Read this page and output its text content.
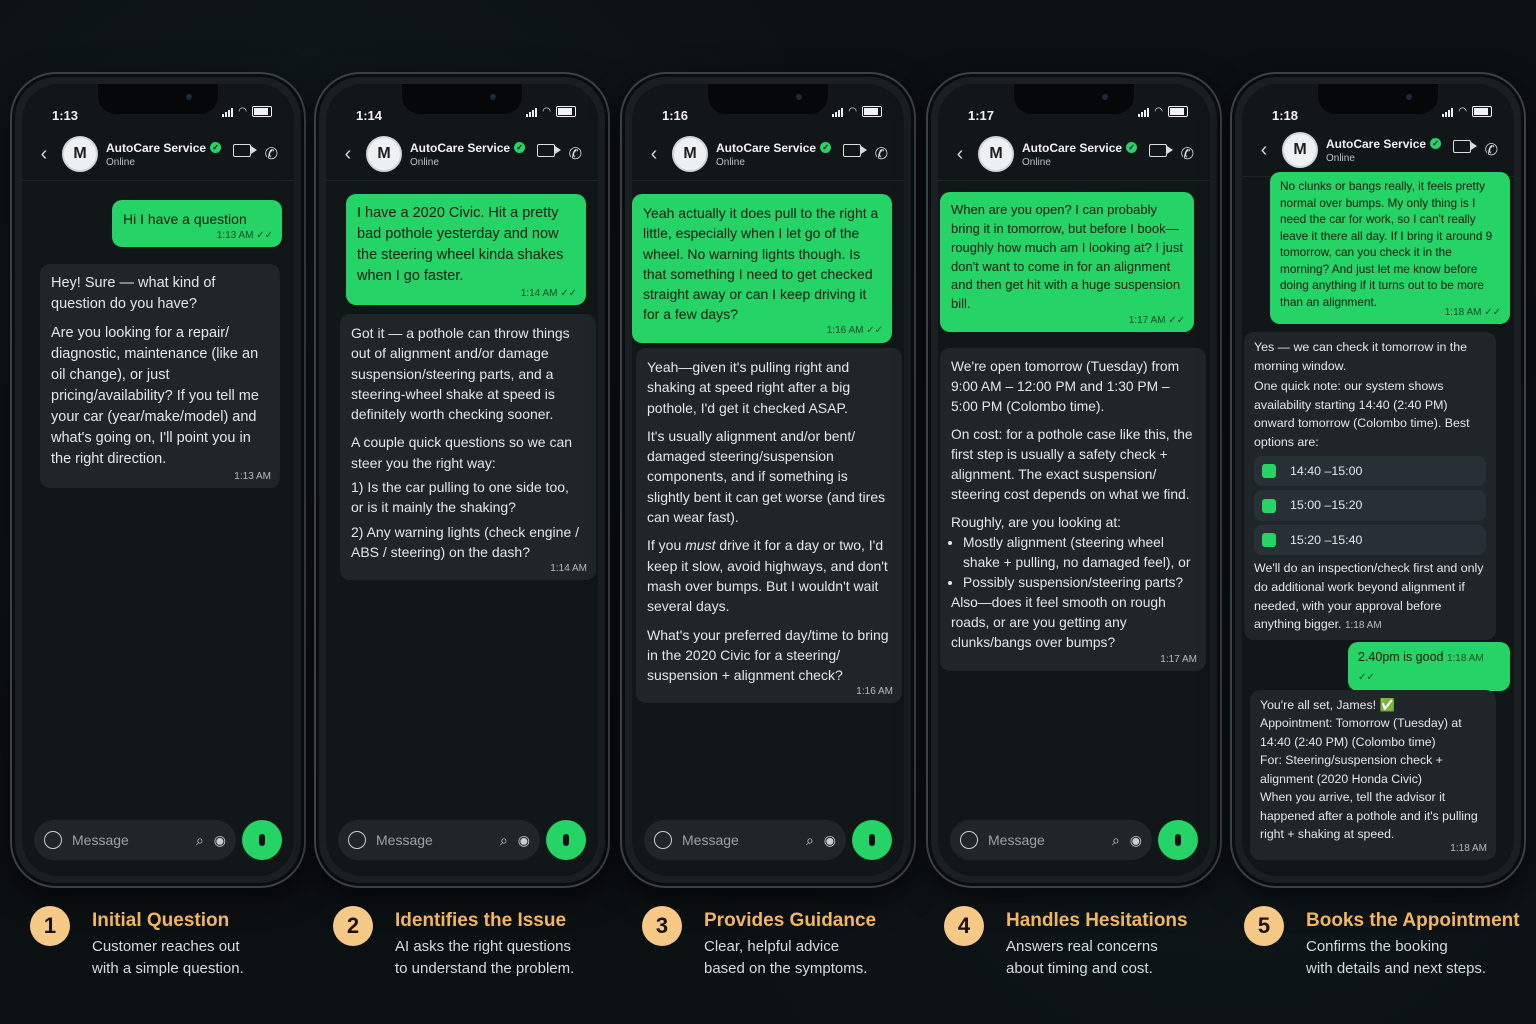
1:13	◠
‹	M	AutoCare Service ✓
Online	✆

Hi I have a question

1:13 AM ✓✓

Hey! Sure — what kind of question do you have?

Are you looking for a repair/ diagnostic, maintenance (like an oil change), or just pricing/availability? If you tell me your car (year/make/model) and what's going on, I'll point you in the right direction.

1:13 AM
Message	⌕ ◉
1:14	◠
‹	M	AutoCare Service ✓
Online	✆

I have a 2020 Civic. Hit a pretty bad pothole yesterday and now the steering wheel kinda shakes when I go faster.

1:14 AM ✓✓

Got it — a pothole can throw things out of alignment and/or damage suspension/steering parts, and a steering-wheel shake at speed is definitely worth checking sooner.

A couple quick questions so we can steer you the right way:

1) Is the car pulling to one side too, or is it mainly the shaking?

2) Any warning lights (check engine / ABS / steering) on the dash?

1:14 AM
Message	⌕ ◉
1:16	◠
‹	M	AutoCare Service ✓
Online	✆

Yeah actually it does pull to the right a little, especially when I let go of the wheel. No warning lights though. Is that something I need to get checked straight away or can I keep driving it for a few days?

1:16 AM ✓✓

Yeah—given it's pulling right and shaking at speed right after a big pothole, I'd get it checked ASAP.

It's usually alignment and/or bent/ damaged steering/suspension components, and if something is slightly bent it can get worse (and tires can wear fast).

If you must drive it for a day or two, I'd keep it slow, avoid highways, and don't mash over bumps. But I wouldn't wait several days.

What's your preferred day/time to bring in the 2020 Civic for a steering/ suspension + alignment check?

1:16 AM
Message	⌕ ◉
1:17	◠
‹	M	AutoCare Service ✓
Online	✆

When are you open? I can probably bring it in tomorrow, but before I book—roughly how much am I looking at? I just don't want to come in for an alignment and then get hit with a huge suspension bill.

1:17 AM ✓✓

We're open tomorrow (Tuesday) from 9:00 AM – 12:00 PM and 1:30 PM – 5:00 PM (Colombo time).

On cost: for a pothole case like this, the first step is usually a safety check + alignment. The exact suspension/ steering cost depends on what we find.

Roughly, are you looking at:

• Mostly alignment (steering wheel shake + pulling, no damaged feel), or
• Possibly suspension/steering parts?

Also—does it feel smooth on rough roads, or are you getting any clunks/bangs over bumps?

1:17 AM
Message	⌕ ◉
1:18	◠
‹	M	AutoCare Service ✓
Online	✆

No clunks or bangs really, it feels pretty normal over bumps. My only thing is I need the car for work, so I can't really leave it there all day. If I bring it around 9 tomorrow, can you check it in the morning? And just let me know before doing anything if it turns out to be more than an alignment.

1:18 AM ✓✓

Yes — we can check it tomorrow in the morning window.

One quick note: our system shows availability starting 14:40 (2:40 PM) onward tomorrow (Colombo time). Best options are:

14:40 –15:00
15:00 –15:20
15:20 –15:40

We'll do an inspection/check first and only do additional work beyond alignment if needed, with your approval before anything bigger. 1:18 AM

2.40pm is good 1:18 AM ✓✓

You're all set, James! ✅
Appointment: Tomorrow (Tuesday) at 14:40 (2:40 PM) (Colombo time)
For: Steering/suspension check + alignment (2020 Honda Civic)
When you arrive, tell the advisor it happened after a pothole and it's pulling right + shaking at speed.

1:18 AM
1	Initial Question
Customer reaches out
with a simple question.
2	Identifies the Issue
AI asks the right questions
to understand the problem.
3	Provides Guidance
Clear, helpful advice
based on the symptoms.
4	Handles Hesitations
Answers real concerns
about timing and cost.
5	Books the Appointment
Confirms the booking
with details and next steps.
